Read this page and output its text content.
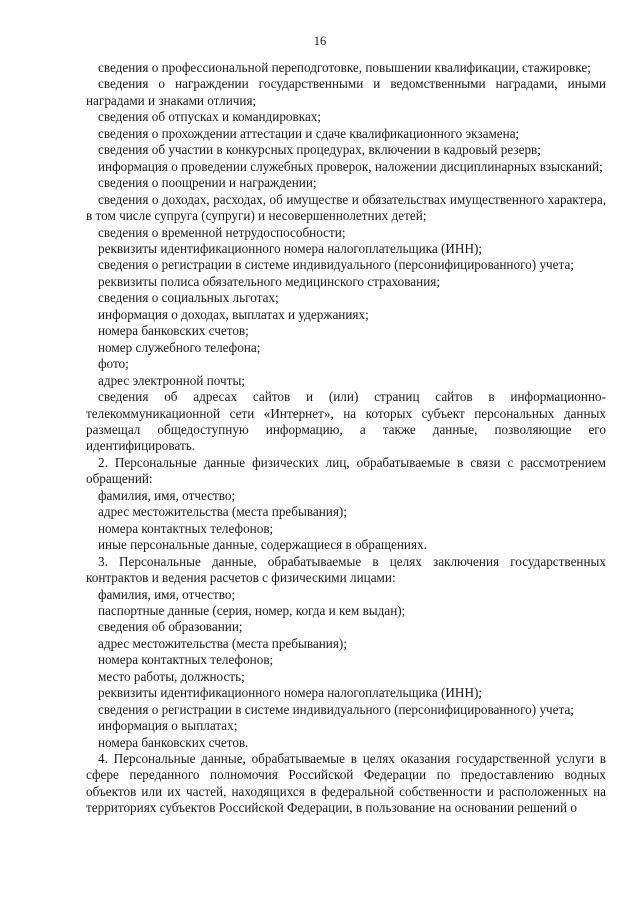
16

сведения о профессиональной переподготовке, повышении квалификации, стажировке;

сведения о награждении государственными и ведомственными наградами, иными наградами и знаками отличия;

сведения об отпусках и командировках;

сведения о прохождении аттестации и сдаче квалификационного экзамена;

сведения об участии в конкурсных процедурах, включении в кадровый резерв;

информация о проведении служебных проверок, наложении дисциплинарных взысканий;

сведения о поощрении и награждении;

сведения о доходах, расходах, об имуществе и обязательствах имущественного характера, в том числе супруга (супруги) и несовершеннолетних детей;

сведения о временной нетрудоспособности;

реквизиты идентификационного номера налогоплательщика (ИНН);

сведения о регистрации в системе индивидуального (персонифицированного) учета;

реквизиты полиса обязательного медицинского страхования;

сведения о социальных льготах;

информация о доходах, выплатах и удержаниях;

номера банковских счетов;

номер служебного телефона;

фото;

адрес электронной почты;

сведения об адресах сайтов и (или) страниц сайтов в информационно-телекоммуникационной сети «Интернет», на которых субъект персональных данных размещал общедоступную информацию, а также данные, позволяющие его идентифицировать.

2. Персональные данные физических лиц, обрабатываемые в связи с рассмотрением обращений:

фамилия, имя, отчество;

адрес местожительства (места пребывания);

номера контактных телефонов;

иные персональные данные, содержащиеся в обращениях.

3. Персональные данные, обрабатываемые в целях заключения государственных контрактов и ведения расчетов с физическими лицами:

фамилия, имя, отчество;

паспортные данные (серия, номер, когда и кем выдан);

сведения об образовании;

адрес местожительства (места пребывания);

номера контактных телефонов;

место работы, должность;

реквизиты идентификационного номера налогоплательщика (ИНН);

сведения о регистрации в системе индивидуального (персонифицированного) учета;

информация о выплатах;

номера банковских счетов.

4. Персональные данные, обрабатываемые в целях оказания государственной услуги в сфере переданного полномочия Российской Федерации по предоставлению водных объектов или их частей, находящихся в федеральной собственности и расположенных на территориях субъектов Российской Федерации, в пользование на основании решений о
